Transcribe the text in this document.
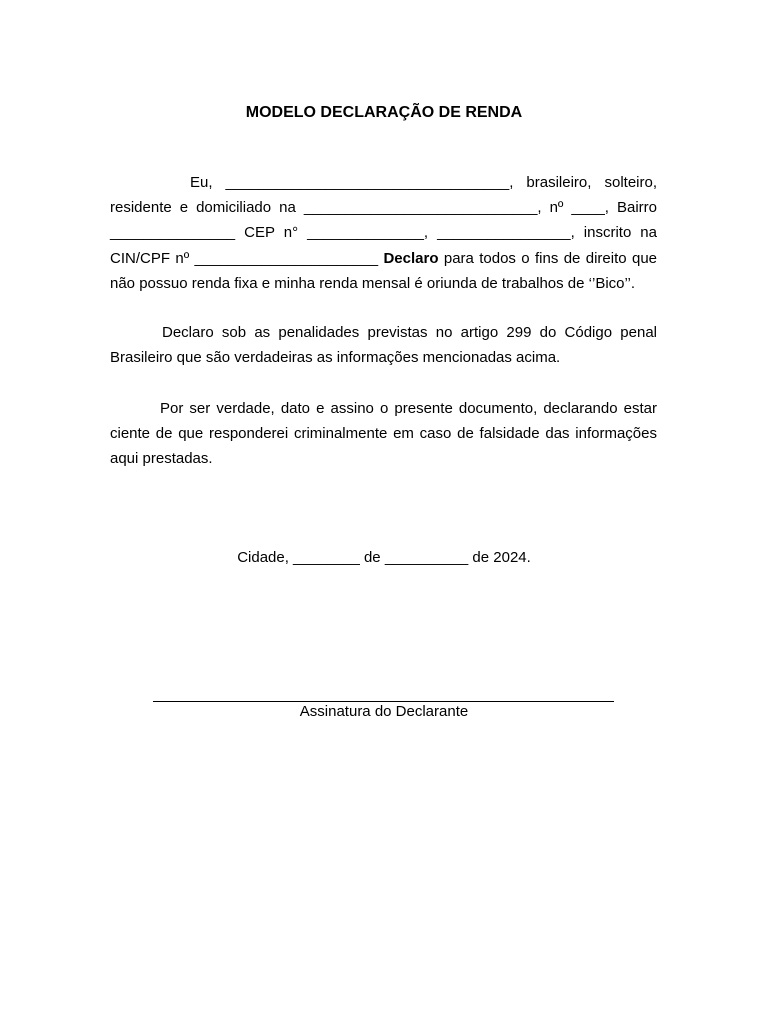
MODELO DECLARAÇÃO DE RENDA
Eu, __________________________________, brasileiro, solteiro, residente e domiciliado na ____________________________, nº ____, Bairro _______________ CEP n° ______________, ________________, inscrito na CIN/CPF nº ______________________ Declaro para todos o fins de direito que não possuo renda fixa e minha renda mensal é oriunda de trabalhos de ‘’Bico’’.
Declaro sob as penalidades previstas no artigo 299 do Código penal Brasileiro que são verdadeiras as informações mencionadas acima.
Por ser verdade, dato e assino o presente documento, declarando estar ciente de que responderei criminalmente em caso de falsidade das informações aqui prestadas.
Cidade, ________ de __________ de 2024.
Assinatura do Declarante
